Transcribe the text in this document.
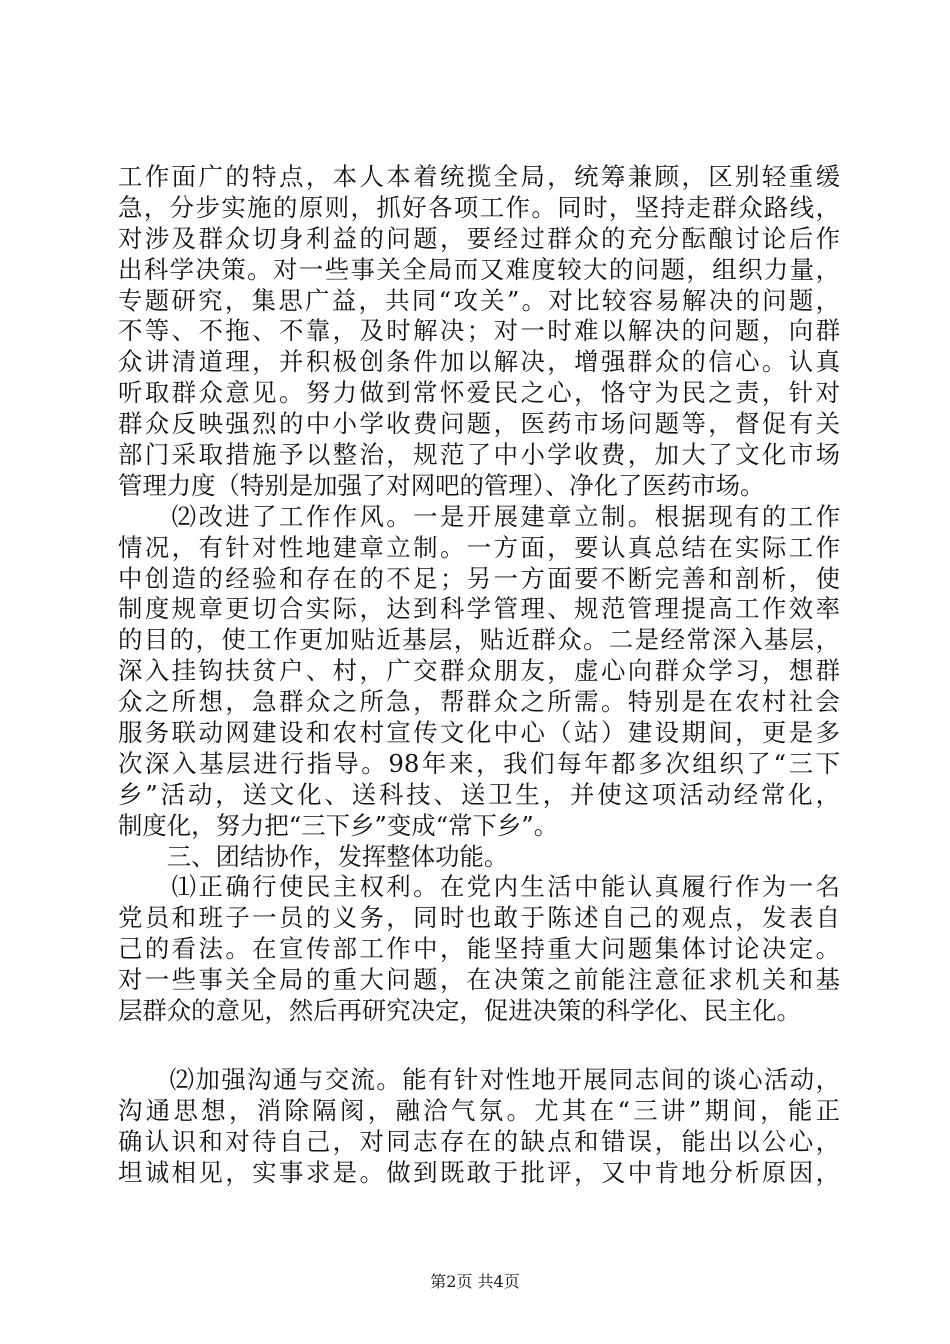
工作面广的特点，本人本着统揽全局，统筹兼顾，区别轻重缓
急，分步实施的原则，抓好各项工作。同时，坚持走群众路线，
对涉及群众切身利益的问题，要经过群众的充分酝酿讨论后作
出科学决策。对一些事关全局而又难度较大的问题，组织力量，
专题研究，集思广益，共同“攻关”。对比较容易解决的问题，
不等、不拖、不靠，及时解决；对一时难以解决的问题，向群
众讲清道理，并积极创条件加以解决，增强群众的信心。认真
听取群众意见。努力做到常怀爱民之心，恪守为民之责，针对
群众反映强烈的中小学收费问题，医药市场问题等，督促有关
部门采取措施予以整治，规范了中小学收费，加大了文化市场
管理力度（特别是加强了对网吧的管理）、净化了医药市场。
　　⑵改进了工作作风。一是开展建章立制。根据现有的工作
情况，有针对性地建章立制。一方面，要认真总结在实际工作
中创造的经验和存在的不足；另一方面要不断完善和剖析，使
制度规章更切合实际，达到科学管理、规范管理提高工作效率
的目的，使工作更加贴近基层，贴近群众。二是经常深入基层，
深入挂钩扶贫户、村，广交群众朋友，虚心向群众学习，想群
众之所想，急群众之所急，帮群众之所需。特别是在农村社会
服务联动网建设和农村宣传文化中心（站）建设期间，更是多
次深入基层进行指导。98年来，我们每年都多次组织了“三下
乡”活动，送文化、送科技、送卫生，并使这项活动经常化，
制度化，努力把“三下乡”变成“常下乡”。
　　三、团结协作，发挥整体功能。
　　⑴正确行使民主权利。在党内生活中能认真履行作为一名
党员和班子一员的义务，同时也敢于陈述自己的观点，发表自
己的看法。在宣传部工作中，能坚持重大问题集体讨论决定。
对一些事关全局的重大问题，在决策之前能注意征求机关和基
层群众的意见，然后再研究决定，促进决策的科学化、民主化。
　　⑵加强沟通与交流。能有针对性地开展同志间的谈心活动，
沟通思想，消除隔阂，融洽气氛。尤其在“三讲”期间，能正
确认识和对待自己，对同志存在的缺点和错误，能出以公心，
坦诚相见，实事求是。做到既敢于批评，又中肯地分析原因，
第2页 共4页
